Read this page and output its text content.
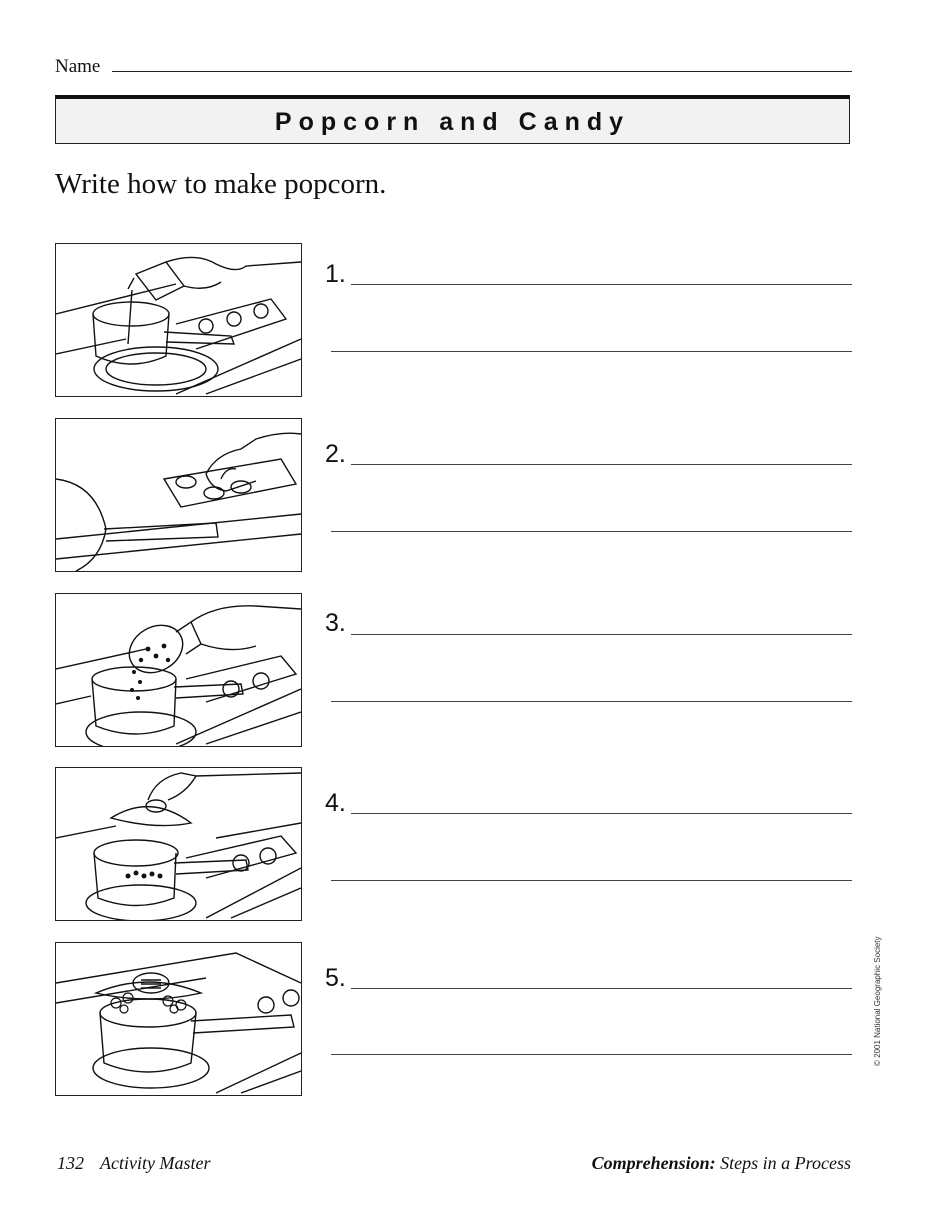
Name
Popcorn and Candy
Write how to make popcorn.
1.
2.
3.
4.
5.	© 2001 National Geographic Society
132 Activity Master	Comprehension: Steps in a Process
